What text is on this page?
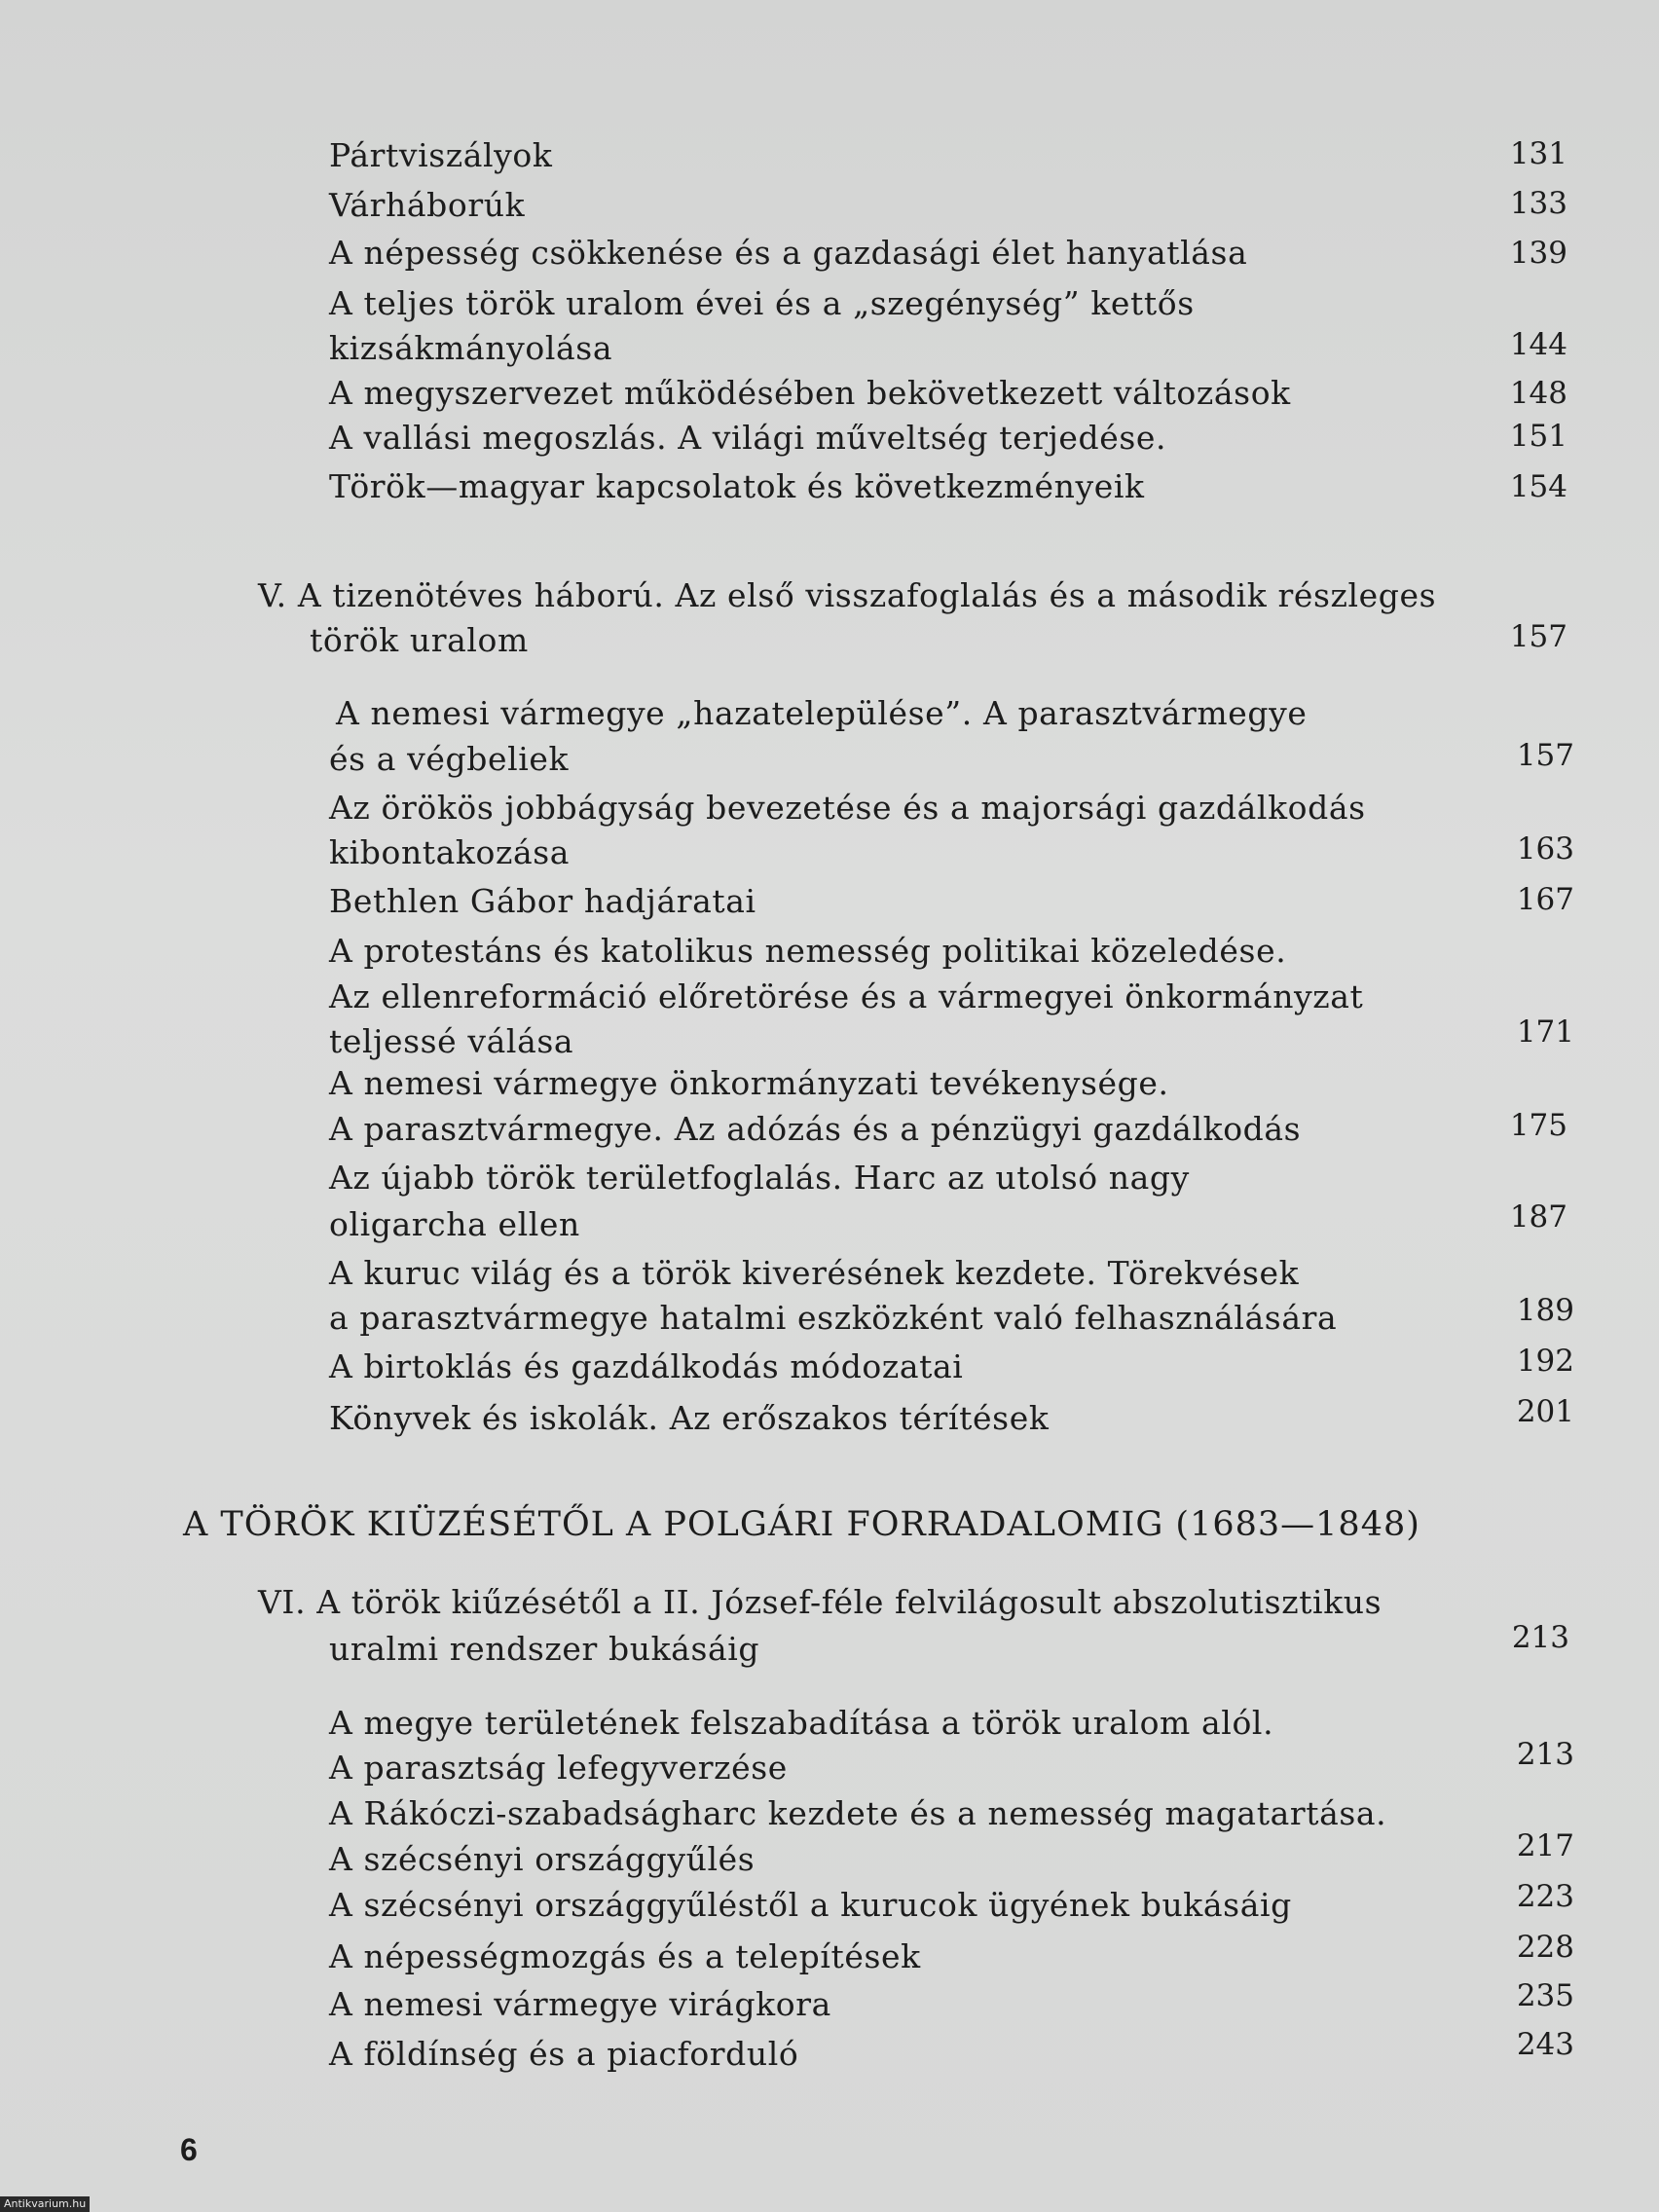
Pártviszályok	131
Várháborúk	133
A népesség csökkenése és a gazdasági élet hanyatlása	139
A teljes török uralom évei és a „szegénység” kettős
kizsákmányolása	144
A megyszervezet működésében bekövetkezett változások	148
A vallási megoszlás. A világi műveltség terjedése.	151
Török—magyar kapcsolatok és következményeik	154
V. A tizenötéves háború. Az első visszafoglalás és a második részleges
török uralom	157
A nemesi vármegye „hazatelepülése”. A parasztvármegye
és a végbeliek	157
Az örökös jobbágyság bevezetése és a majorsági gazdálkodás
kibontakozása	163
Bethlen Gábor hadjáratai	167
A protestáns és katolikus nemesség politikai közeledése.
Az ellenreformáció előretörése és a vármegyei önkormányzat
teljessé válása	171
A nemesi vármegye önkormányzati tevékenysége.
A parasztvármegye. Az adózás és a pénzügyi gazdálkodás	175
Az újabb török területfoglalás. Harc az utolsó nagy
oligarcha ellen	187
A kuruc világ és a török kiverésének kezdete. Törekvések
a parasztvármegye hatalmi eszközként való felhasználására	189
A birtoklás és gazdálkodás módozatai	192
Könyvek és iskolák. Az erőszakos térítések	201
A TÖRÖK KIÜZÉSÉTŐL A POLGÁRI FORRADALOMIG (1683—1848)
VI. A török kiűzésétől a II. József-féle felvilágosult abszolutisztikus
uralmi rendszer bukásáig	213
A megye területének felszabadítása a török uralom alól.
A parasztság lefegyverzése	213
A Rákóczi-szabadságharc kezdete és a nemesség magatartása.
A szécsényi országgyűlés	217
A szécsényi országgyűléstől a kurucok ügyének bukásáig	223
A népességmozgás és a telepítések	228
A nemesi vármegye virágkora	235
A földínség és a piacforduló	243
6
Antikvarium.hu
